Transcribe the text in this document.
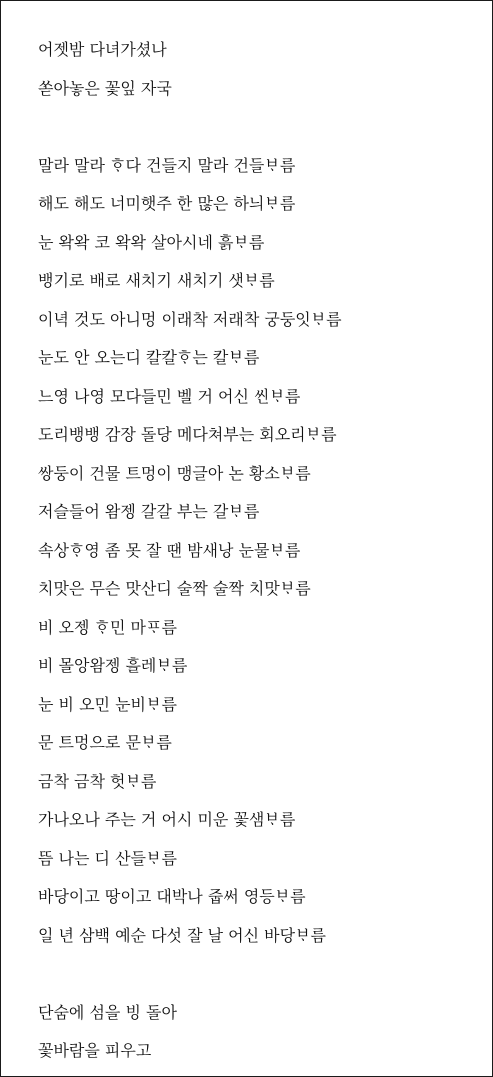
어젯밤 다녀가셨나
쏟아놓은 꽃잎 자국
말라 말라 ᄒᆞ다 건들지 말라 건들ᄇᆞ름
해도 해도 너미햇주 한 많은 하늬ᄇᆞ름
눈 왁왁 코 왁왁 살아시네 흙ᄇᆞ름
뱅기로 배로 새치기 새치기 샛ᄇᆞ름
이녁 것도 아니멍 이래착 저래착 궁둥잇ᄇᆞ름
눈도 안 오는디 칼칼ᄒᆞ는 칼ᄇᆞ름
느영 나영 모다들민 벨 거 어신 씬ᄇᆞ름
도리뱅뱅 감장 돌당 메다쳐부는 회오리ᄇᆞ름
쌍둥이 건물 트멍이 맹글아 논 황소ᄇᆞ름
저슬들어 왐젱 갈갈 부는 갈ᄇᆞ름
속상ᄒᆞ영 좀 못 잘 땐 밤새낭 눈물ᄇᆞ름
치맛은 무슨 맛산디 술짝 술짝 치맛ᄇᆞ름
비 오젱 ᄒᆞ민 마ᄑᆞ름
비 몰앙왐젱 흘레ᄇᆞ름
눈 비 오민 눈비ᄇᆞ름
문 트멍으로 문ᄇᆞ름
금착 금착 헛ᄇᆞ름
가나오나 주는 거 어시 미운 꽃샘ᄇᆞ름
뜸 나는 디 산들ᄇᆞ름
바당이고 땅이고 대박나 줍써 영등ᄇᆞ름
일 년 삼백 예순 다섯 잘 날 어신 바당ᄇᆞ름
단숨에 섬을 빙 돌아
꽃바람을 피우고
